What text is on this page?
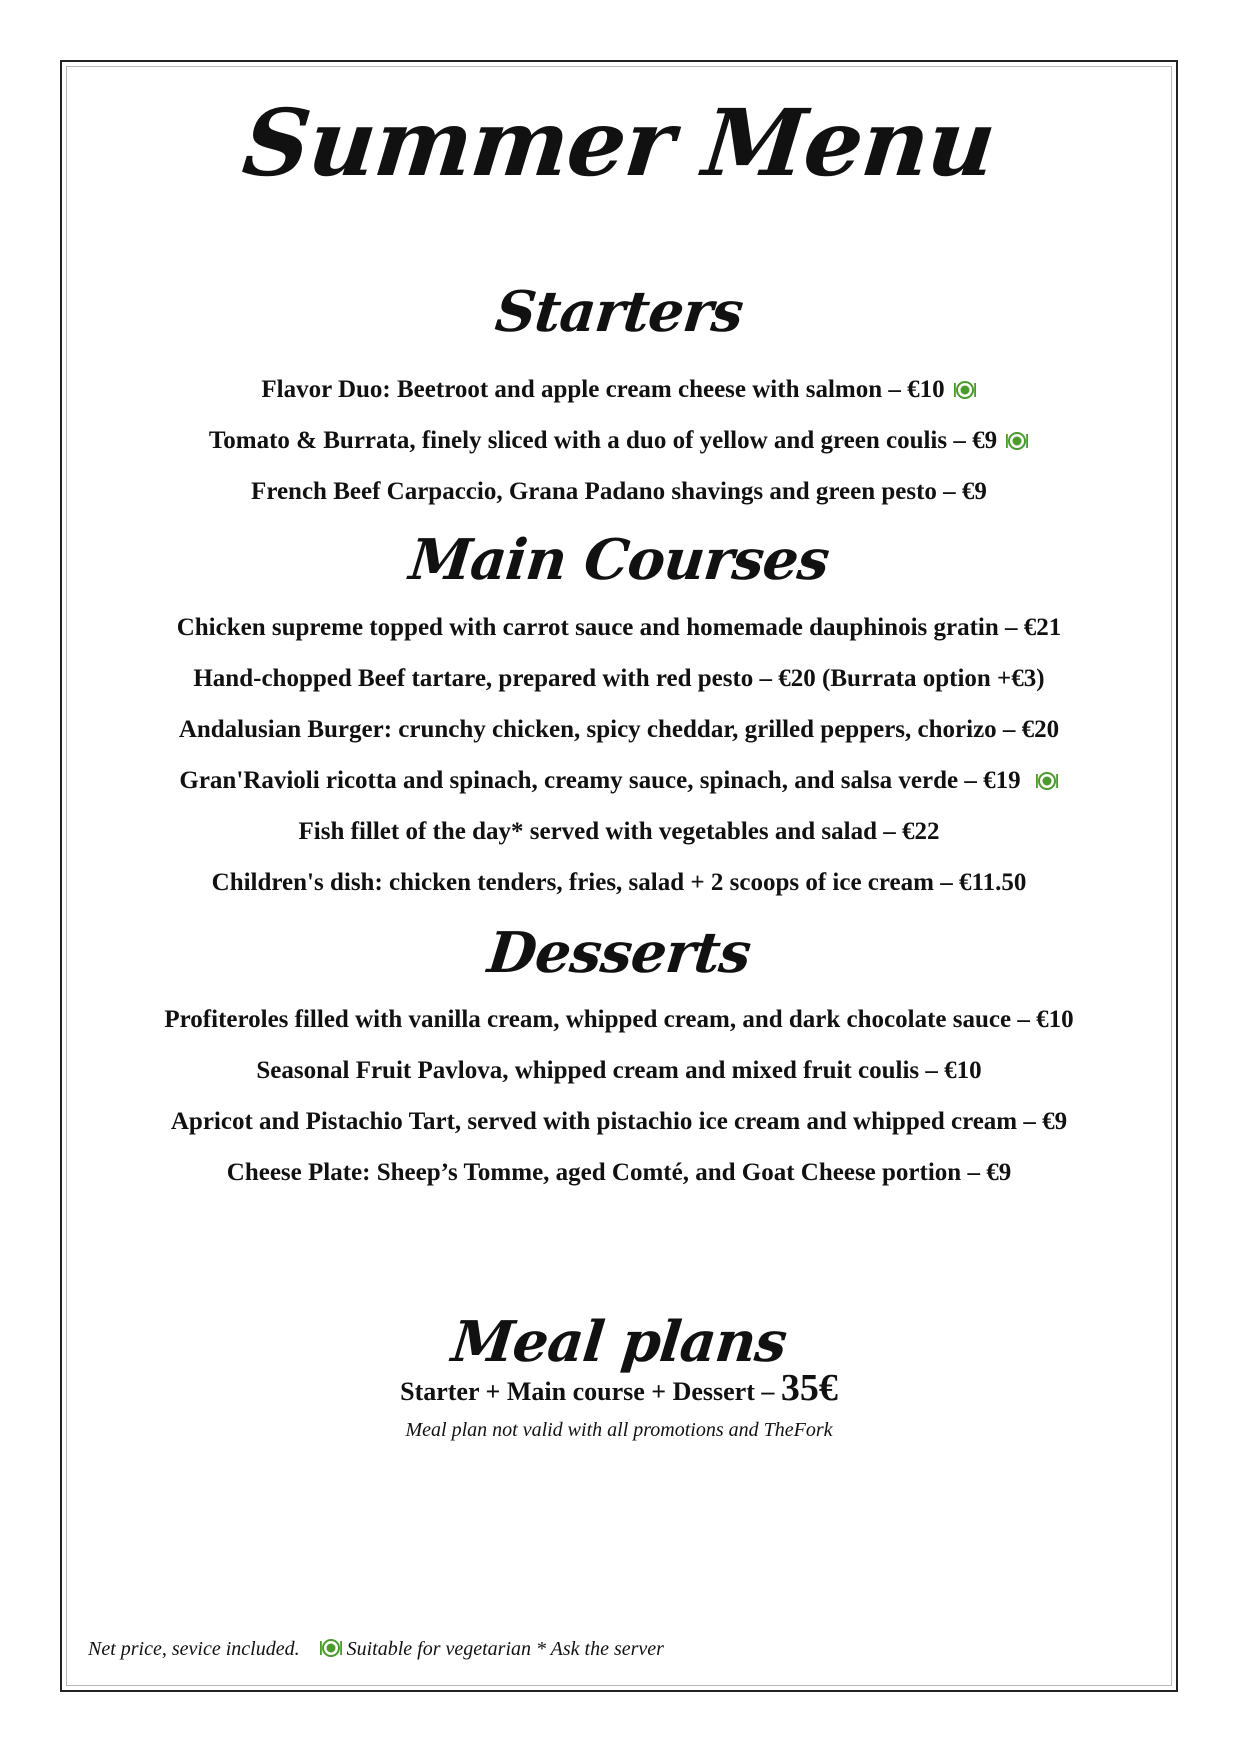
Summer Menu
Starters
Flavor Duo: Beetroot and apple cream cheese with salmon – €10
Tomato & Burrata, finely sliced with a duo of yellow and green coulis – €9
French Beef Carpaccio, Grana Padano shavings and green pesto – €9
Main Courses
Chicken supreme topped with carrot sauce and homemade dauphinois gratin – €21
Hand-chopped Beef tartare, prepared with red pesto – €20 (Burrata option +€3)
Andalusian Burger: crunchy chicken, spicy cheddar, grilled peppers, chorizo – €20
Gran'Ravioli ricotta and spinach, creamy sauce, spinach, and salsa verde – €19
Fish fillet of the day* served with vegetables and salad – €22
Children's dish: chicken tenders, fries, salad + 2 scoops of ice cream – €11.50
Desserts
Profiteroles filled with vanilla cream, whipped cream, and dark chocolate sauce – €10
Seasonal Fruit Pavlova, whipped cream and mixed fruit coulis – €10
Apricot and Pistachio Tart, served with pistachio ice cream and whipped cream – €9
Cheese Plate: Sheep’s Tomme, aged Comté, and Goat Cheese portion – €9
Meal plans
Starter + Main course + Dessert – 35€
Meal plan not valid with all promotions and TheFork
Net price, sevice included. Suitable for vegetarian * Ask the server
